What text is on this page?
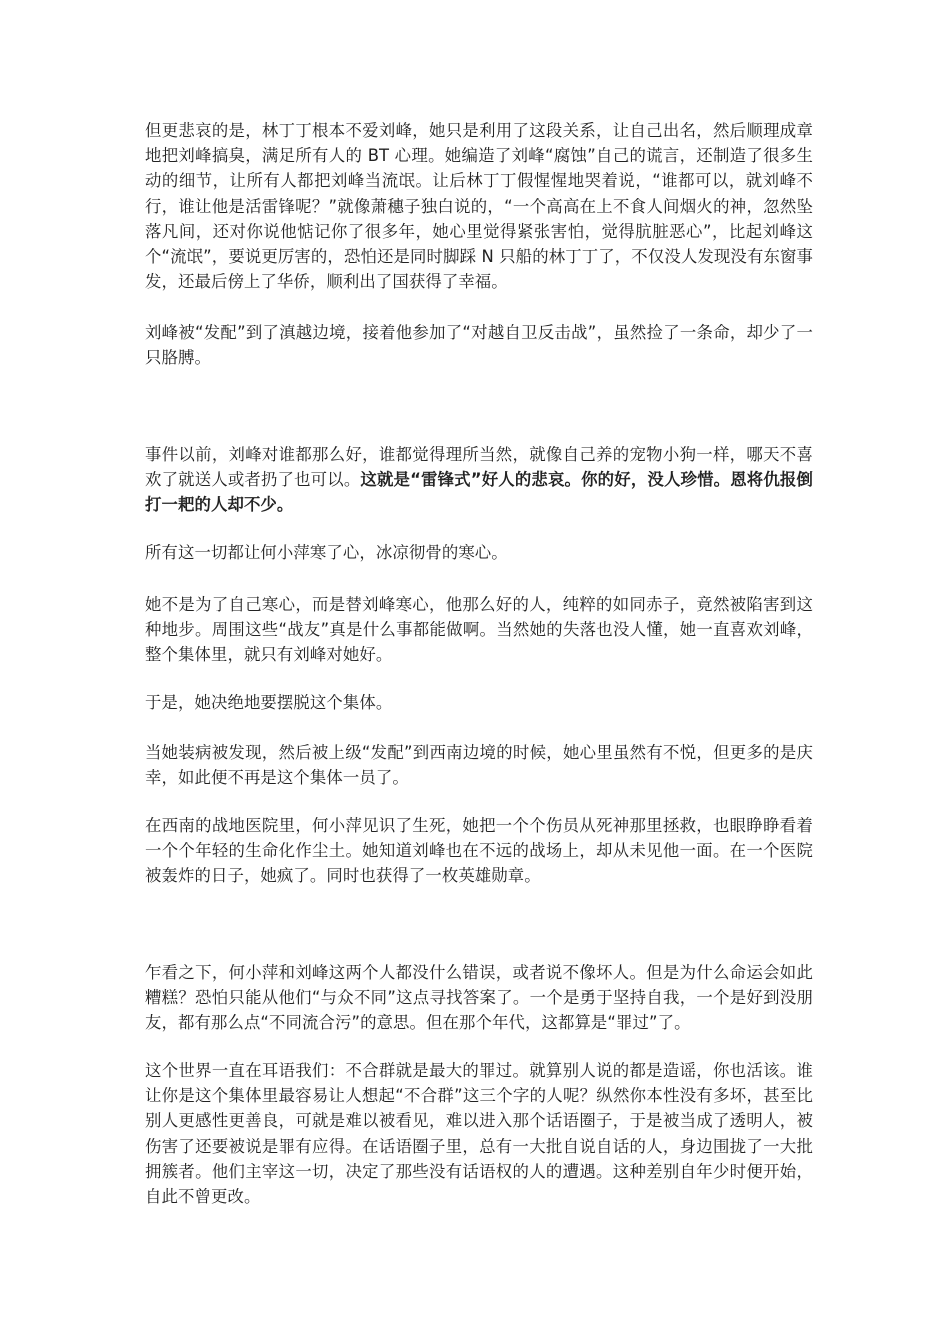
但更悲哀的是，林丁丁根本不爱刘峰，她只是利用了这段关系，让自己出名，然后顺理成章地把刘峰搞臭，满足所有人的 BT 心理。她编造了刘峰“腐蚀”自己的谎言，还制造了很多生动的细节，让所有人都把刘峰当流氓。让后林丁丁假惺惺地哭着说，“谁都可以，就刘峰不行，谁让他是活雷锋呢？”就像萧穗子独白说的，“一个高高在上不食人间烟火的神，忽然坠落凡间，还对你说他惦记你了很多年，她心里觉得紧张害怕，觉得肮脏恶心”，比起刘峰这个“流氓”，要说更厉害的，恐怕还是同时脚踩 N 只船的林丁丁了，不仅没人发现没有东窗事发，还最后傍上了华侨，顺利出了国获得了幸福。

刘峰被“发配”到了滇越边境，接着他参加了“对越自卫反击战”，虽然捡了一条命，却少了一只胳膊。

事件以前，刘峰对谁都那么好，谁都觉得理所当然，就像自己养的宠物小狗一样，哪天不喜欢了就送人或者扔了也可以。这就是“雷锋式”好人的悲哀。你的好，没人珍惜。恩将仇报倒打一耙的人却不少。

所有这一切都让何小萍寒了心，冰凉彻骨的寒心。

她不是为了自己寒心，而是替刘峰寒心，他那么好的人，纯粹的如同赤子，竟然被陷害到这种地步。周围这些“战友”真是什么事都能做啊。当然她的失落也没人懂，她一直喜欢刘峰，整个集体里，就只有刘峰对她好。

于是，她决绝地要摆脱这个集体。

当她装病被发现，然后被上级“发配”到西南边境的时候，她心里虽然有不悦，但更多的是庆幸，如此便不再是这个集体一员了。

在西南的战地医院里，何小萍见识了生死，她把一个个伤员从死神那里拯救，也眼睁睁看着一个个年轻的生命化作尘土。她知道刘峰也在不远的战场上，却从未见他一面。在一个医院被轰炸的日子，她疯了。同时也获得了一枚英雄勋章。

乍看之下，何小萍和刘峰这两个人都没什么错误，或者说不像坏人。但是为什么命运会如此糟糕？恐怕只能从他们“与众不同”这点寻找答案了。一个是勇于坚持自我，一个是好到没朋友，都有那么点“不同流合污”的意思。但在那个年代，这都算是“罪过”了。

这个世界一直在耳语我们：不合群就是最大的罪过。就算别人说的都是造谣，你也活该。谁让你是这个集体里最容易让人想起“不合群”这三个字的人呢？纵然你本性没有多坏，甚至比别人更感性更善良，可就是难以被看见，难以进入那个话语圈子，于是被当成了透明人，被伤害了还要被说是罪有应得。在话语圈子里，总有一大批自说自话的人，身边围拢了一大批拥簇者。他们主宰这一切，决定了那些没有话语权的人的遭遇。这种差别自年少时便开始，自此不曾更改。
